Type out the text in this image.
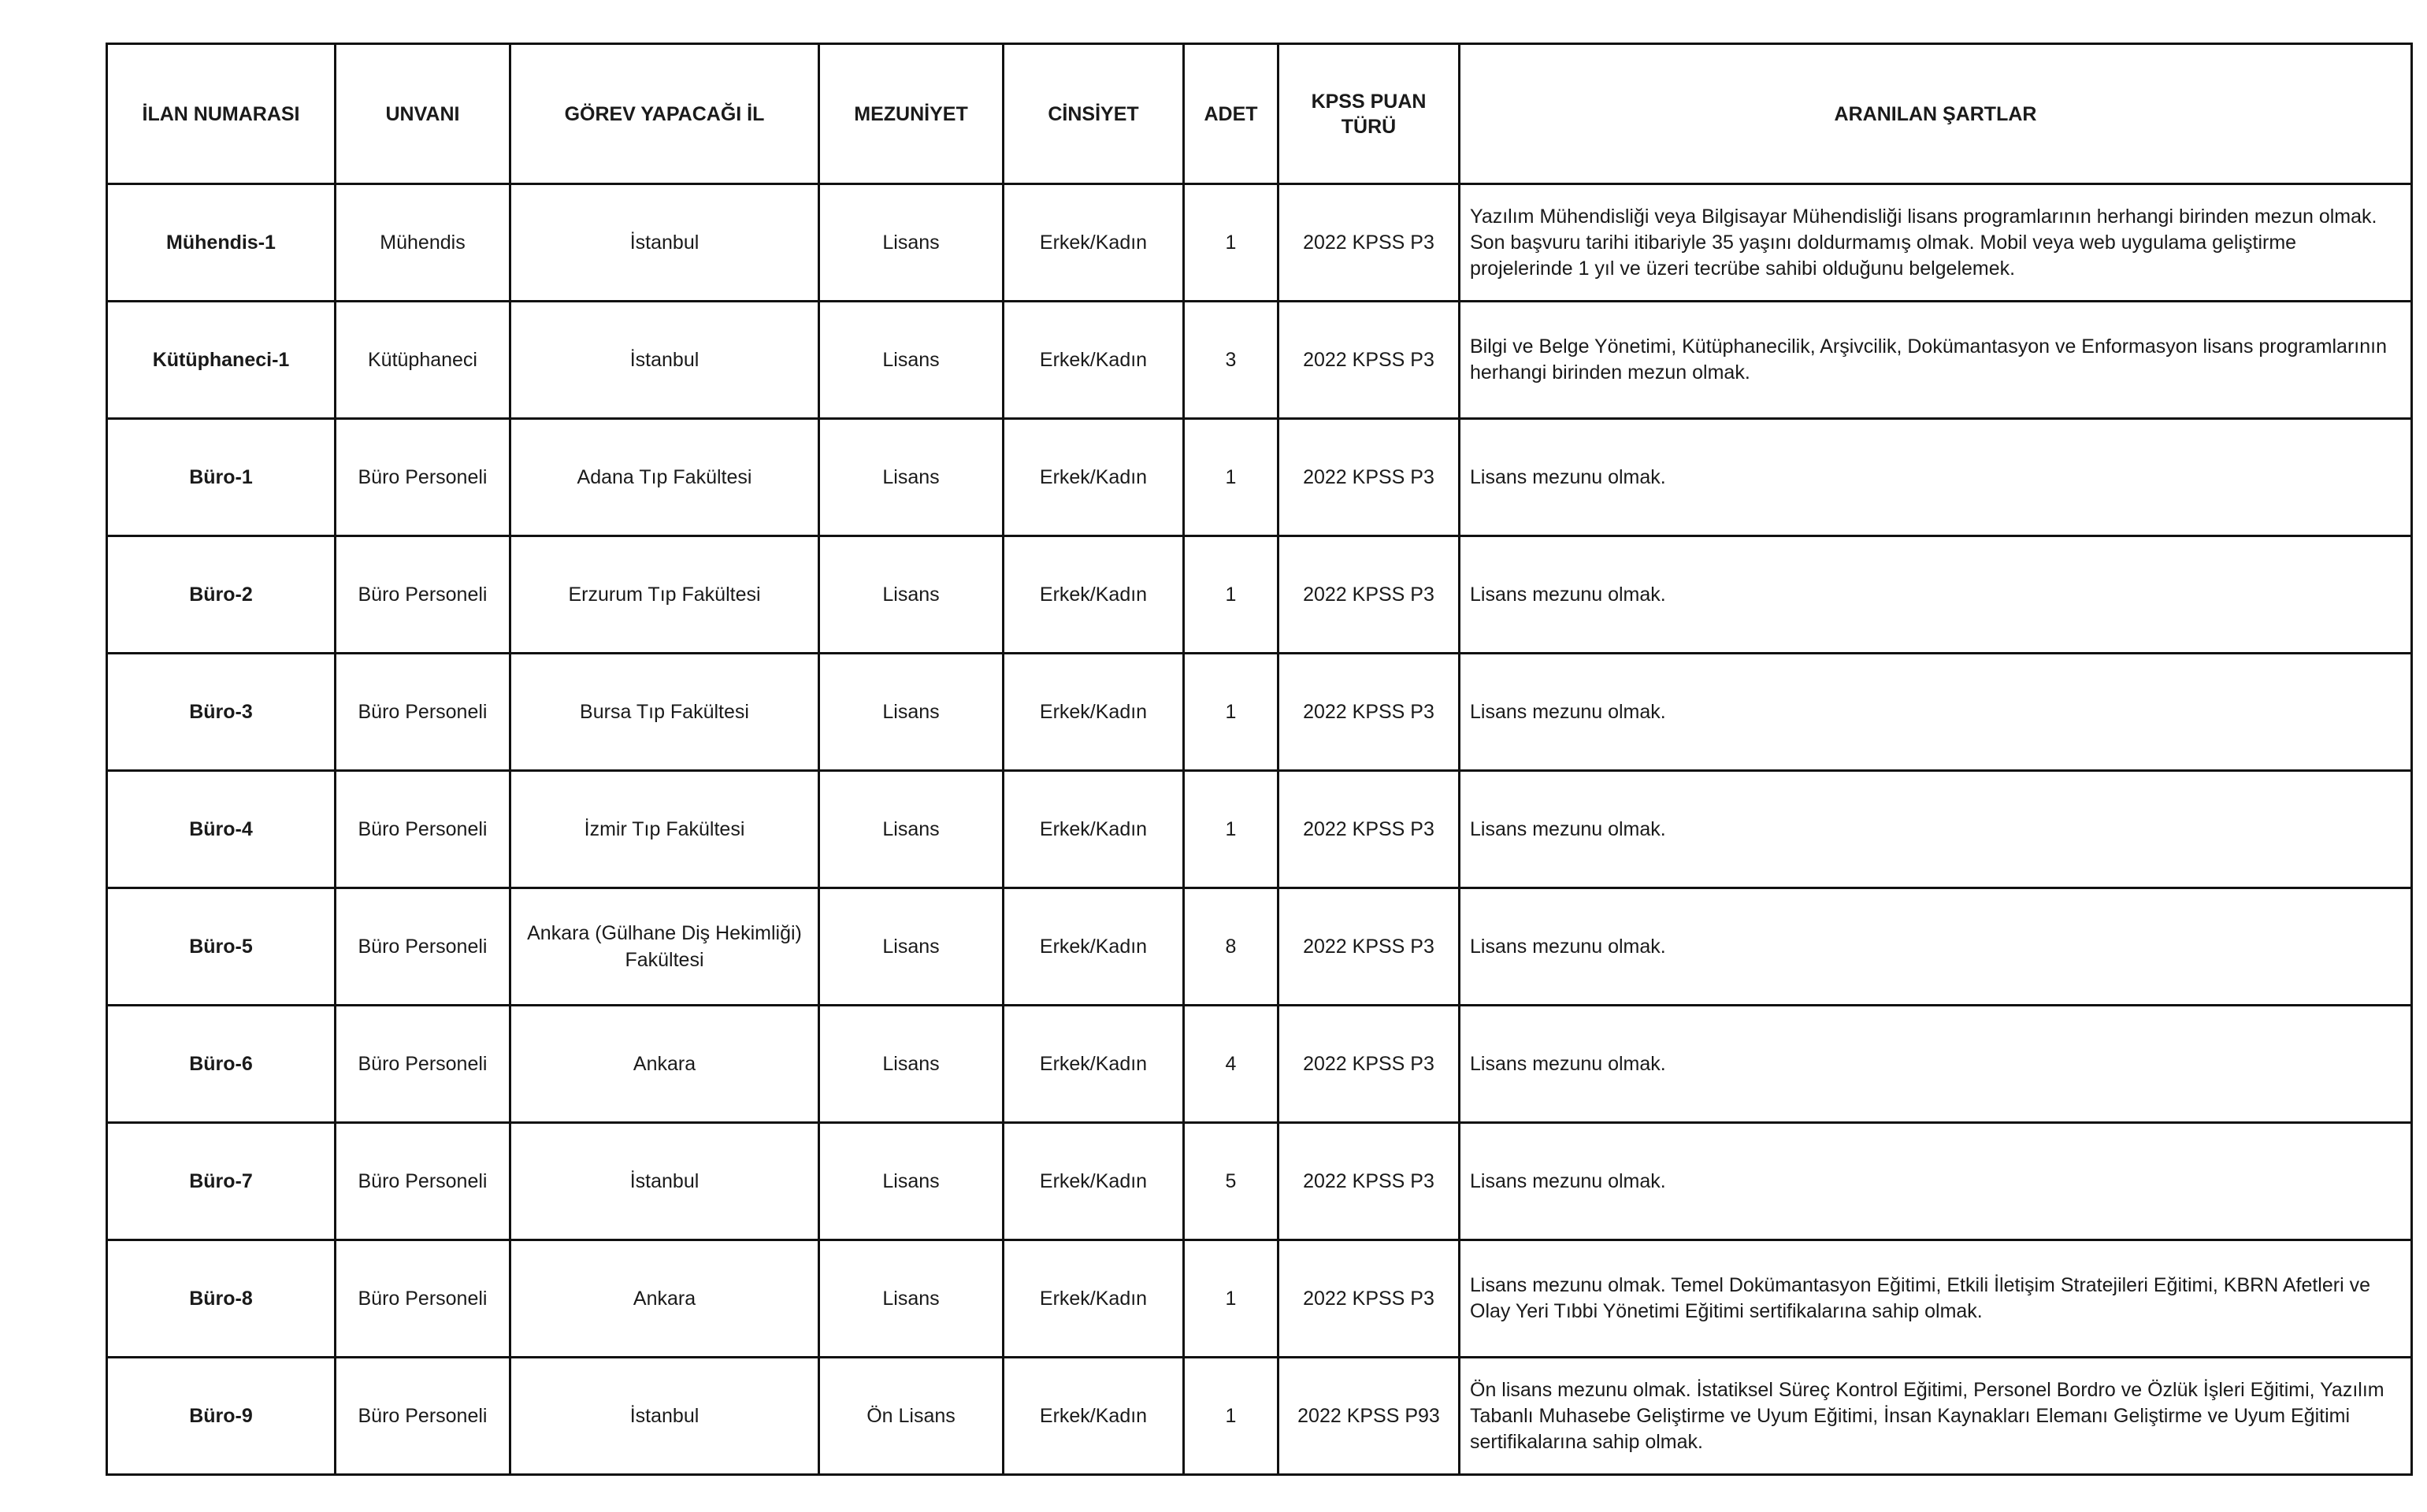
İLAN NUMARASI	UNVANI	GÖREV YAPACAĞI İL	MEZUNİYET	CİNSİYET	ADET	KPSS PUAN TÜRÜ	ARANILAN ŞARTLAR
Mühendis-1	Mühendis	İstanbul	Lisans	Erkek/Kadın	1	2022 KPSS P3	Yazılım Mühendisliği veya Bilgisayar Mühendisliği lisans programlarının herhangi birinden mezun olmak. Son başvuru tarihi itibariyle 35 yaşını doldurmamış olmak. Mobil veya web uygulama geliştirme projelerinde 1 yıl ve üzeri tecrübe sahibi olduğunu belgelemek.
Kütüphaneci-1	Kütüphaneci	İstanbul	Lisans	Erkek/Kadın	3	2022 KPSS P3	Bilgi ve Belge Yönetimi, Kütüphanecilik, Arşivcilik, Dokümantasyon ve Enformasyon lisans programlarının herhangi birinden mezun olmak.
Büro-1	Büro Personeli	Adana Tıp Fakültesi	Lisans	Erkek/Kadın	1	2022 KPSS P3	Lisans mezunu olmak.
Büro-2	Büro Personeli	Erzurum Tıp Fakültesi	Lisans	Erkek/Kadın	1	2022 KPSS P3	Lisans mezunu olmak.
Büro-3	Büro Personeli	Bursa Tıp Fakültesi	Lisans	Erkek/Kadın	1	2022 KPSS P3	Lisans mezunu olmak.
Büro-4	Büro Personeli	İzmir Tıp Fakültesi	Lisans	Erkek/Kadın	1	2022 KPSS P3	Lisans mezunu olmak.
Büro-5	Büro Personeli	Ankara (Gülhane Diş Hekimliği) Fakültesi	Lisans	Erkek/Kadın	8	2022 KPSS P3	Lisans mezunu olmak.
Büro-6	Büro Personeli	Ankara	Lisans	Erkek/Kadın	4	2022 KPSS P3	Lisans mezunu olmak.
Büro-7	Büro Personeli	İstanbul	Lisans	Erkek/Kadın	5	2022 KPSS P3	Lisans mezunu olmak.
Büro-8	Büro Personeli	Ankara	Lisans	Erkek/Kadın	1	2022 KPSS P3	Lisans mezunu olmak. Temel Dokümantasyon Eğitimi, Etkili İletişim Stratejileri Eğitimi, KBRN Afetleri ve Olay Yeri Tıbbi Yönetimi Eğitimi sertifikalarına sahip olmak.
Büro-9	Büro Personeli	İstanbul	Ön Lisans	Erkek/Kadın	1	2022 KPSS P93	Ön lisans mezunu olmak. İstatiksel Süreç Kontrol Eğitimi, Personel Bordro ve Özlük İşleri Eğitimi, Yazılım Tabanlı Muhasebe Geliştirme ve Uyum Eğitimi, İnsan Kaynakları Elemanı Geliştirme ve Uyum Eğitimi sertifikalarına sahip olmak.
